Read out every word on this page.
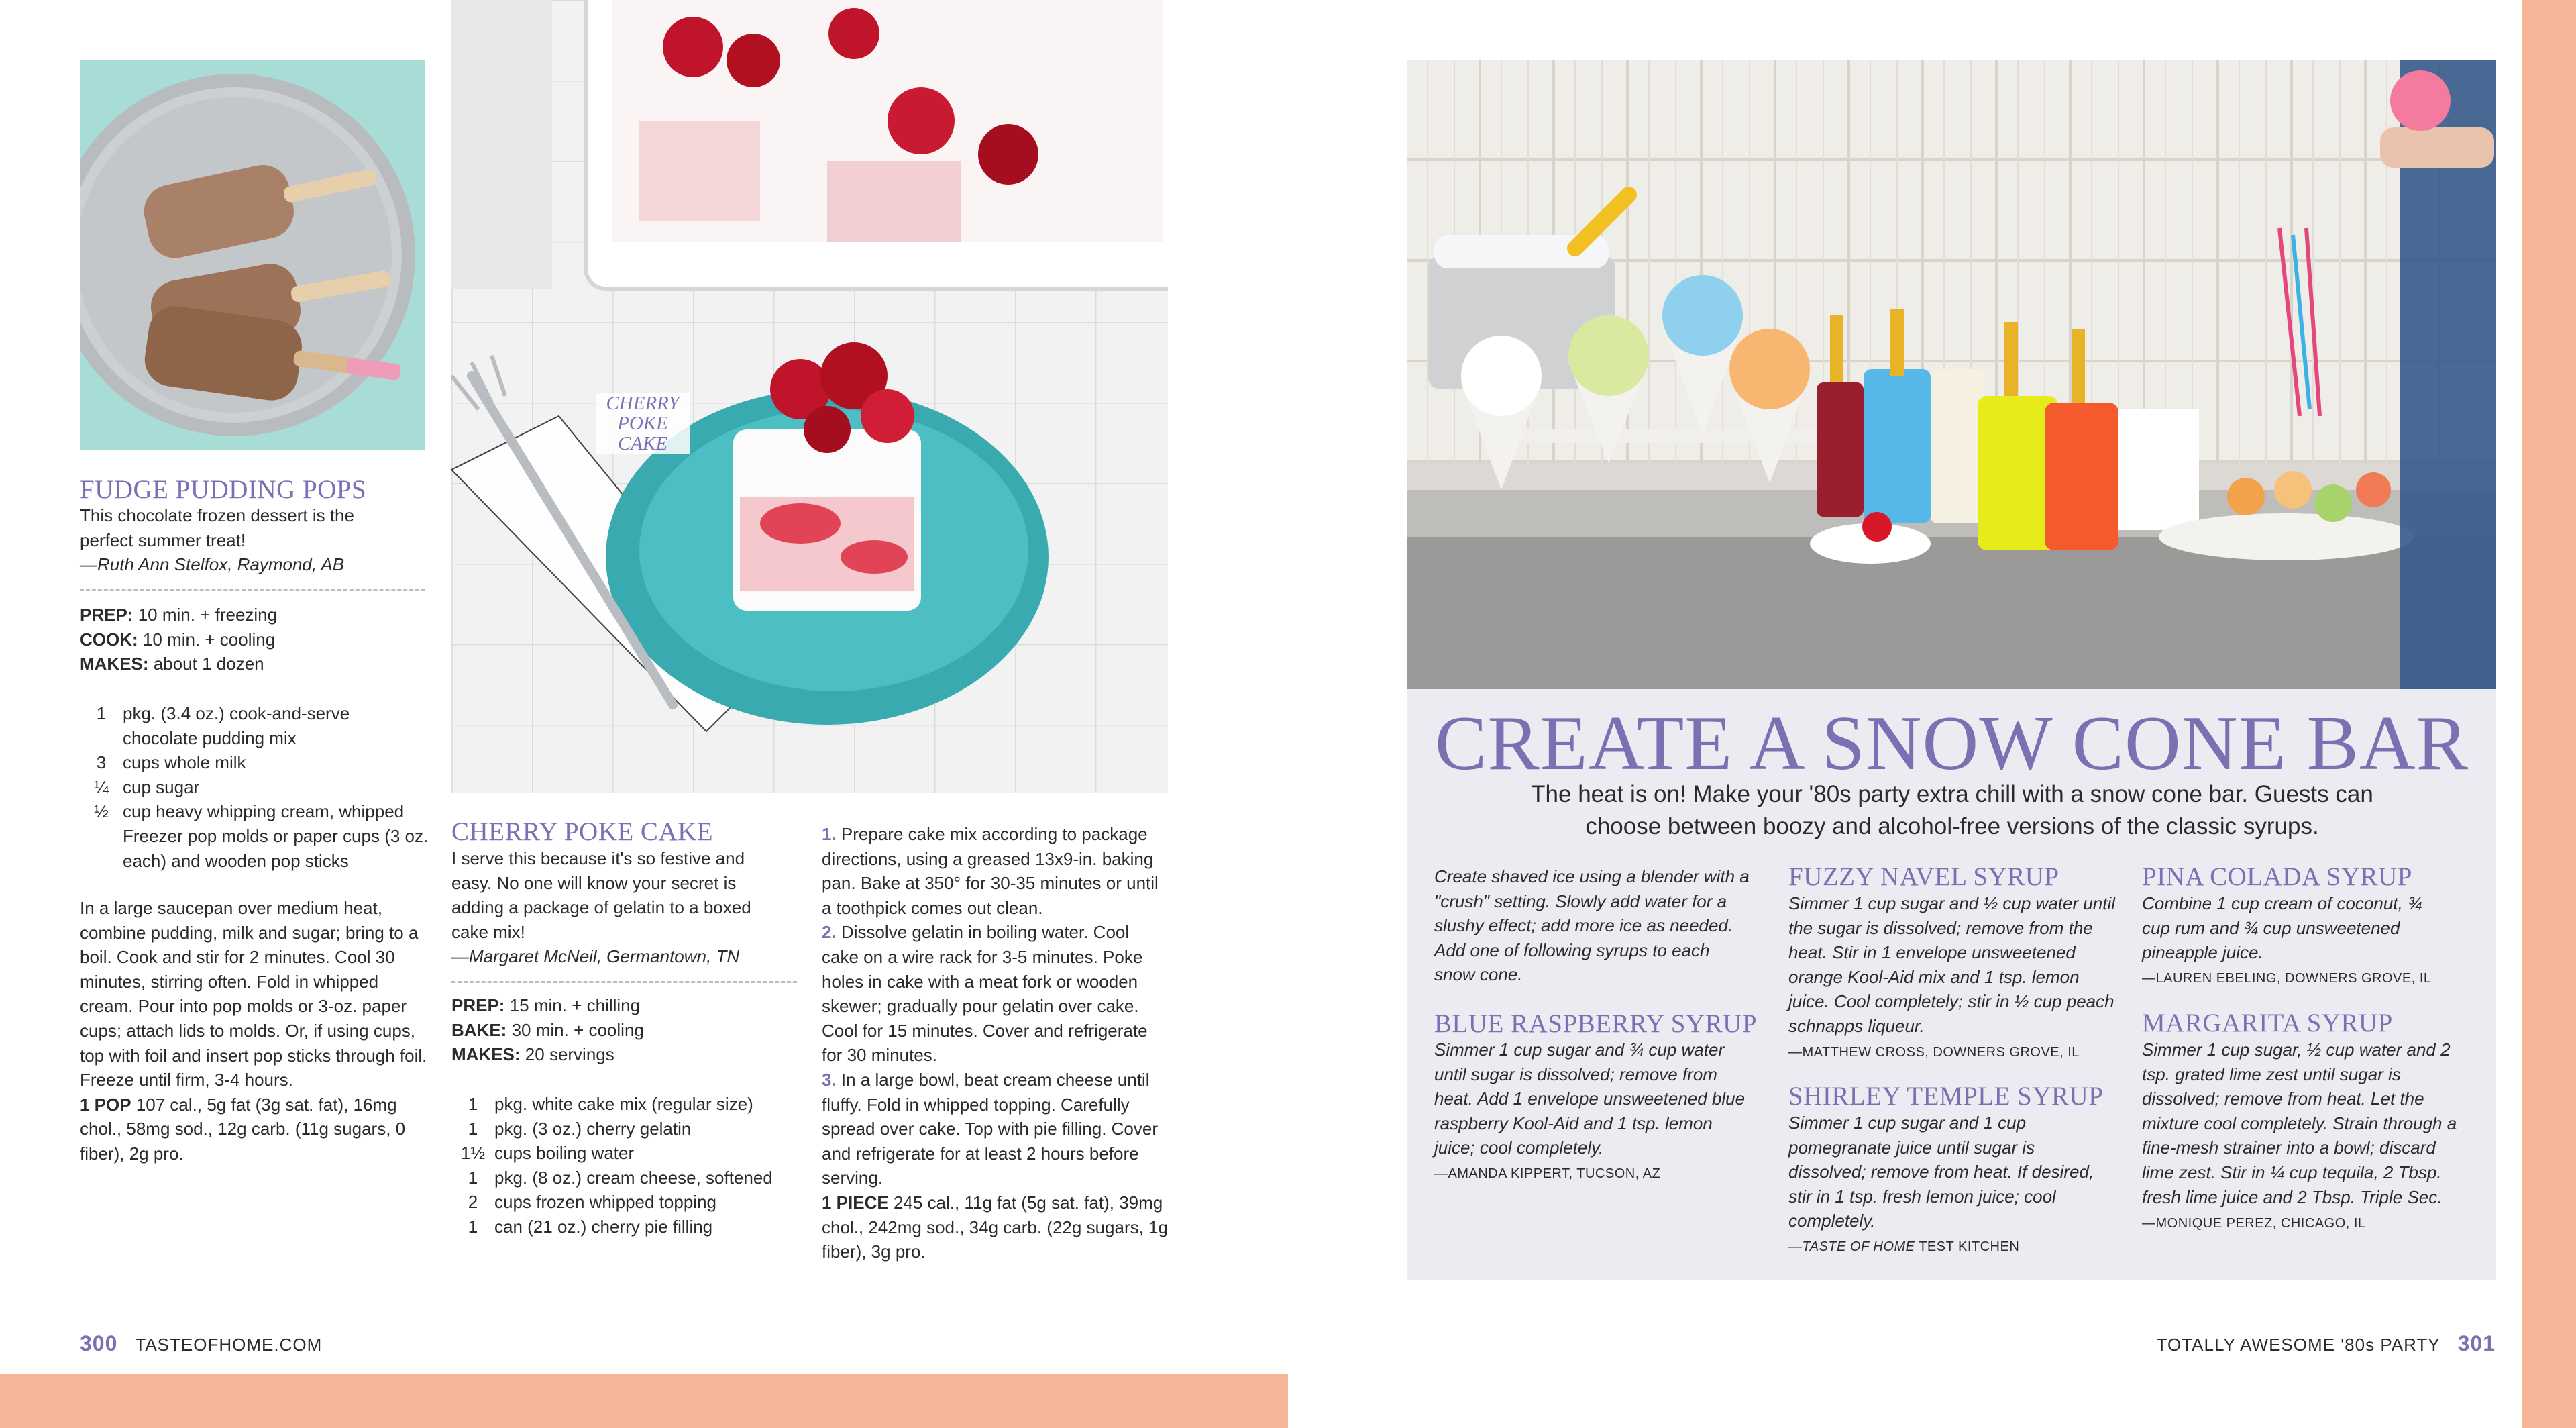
CHERRY POKE CAKE
FUDGE PUDDING POPS
This chocolate frozen dessert is the perfect summer treat!
—Ruth Ann Stelfox, Raymond, AB
PREP: 10 min. + freezing
COOK: 10 min. + cooling
MAKES: about 1 dozen
1 pkg. (3.4 oz.) cook-and-serve chocolate pudding mix
3 cups whole milk
¼ cup sugar
½ cup heavy whipping cream, whipped
Freezer pop molds or paper cups (3 oz. each) and wooden pop sticks
In a large saucepan over medium heat, combine pudding, milk and sugar; bring to a boil. Cook and stir for 2 minutes. Cool 30 minutes, stirring often. Fold in whipped cream. Pour into pop molds or 3-oz. paper cups; attach lids to molds. Or, if using cups, top with foil and insert pop sticks through foil. Freeze until firm, 3-4 hours.
1 POP 107 cal., 5g fat (3g sat. fat), 16mg chol., 58mg sod., 12g carb. (11g sugars, 0 fiber), 2g pro.
CHERRY POKE CAKE
I serve this because it's so festive and easy. No one will know your secret is adding a package of gelatin to a boxed cake mix!
—Margaret McNeil, Germantown, TN
PREP: 15 min. + chilling
BAKE: 30 min. + cooling
MAKES: 20 servings
1 pkg. white cake mix (regular size)
1 pkg. (3 oz.) cherry gelatin
1½ cups boiling water
1 pkg. (8 oz.) cream cheese, softened
2 cups frozen whipped topping
1 can (21 oz.) cherry pie filling
1. Prepare cake mix according to package directions, using a greased 13x9-in. baking pan. Bake at 350° for 30-35 minutes or until a toothpick comes out clean.
2. Dissolve gelatin in boiling water. Cool cake on a wire rack for 3-5 minutes. Poke holes in cake with a meat fork or wooden skewer; gradually pour gelatin over cake. Cool for 15 minutes. Cover and refrigerate for 30 minutes.
3. In a large bowl, beat cream cheese until fluffy. Fold in whipped topping. Carefully spread over cake. Top with pie filling. Cover and refrigerate for at least 2 hours before serving.
1 PIECE 245 cal., 11g fat (5g sat. fat), 39mg chol., 242mg sod., 34g carb. (22g sugars, 1g fiber), 3g pro.
300 TASTEOFHOME.COM
CREATE A SNOW CONE BAR
The heat is on! Make your '80s party extra chill with a snow cone bar. Guests can choose between boozy and alcohol-free versions of the classic syrups.
Create shaved ice using a blender with a "crush" setting. Slowly add water for a slushy effect; add more ice as needed. Add one of following syrups to each snow cone.
BLUE RASPBERRY SYRUP
Simmer 1 cup sugar and ¾ cup water until sugar is dissolved; remove from heat. Add 1 envelope unsweetened blue raspberry Kool-Aid and 1 tsp. lemon juice; cool completely.
—AMANDA KIPPERT, TUCSON, AZ
FUZZY NAVEL SYRUP
Simmer 1 cup sugar and ½ cup water until the sugar is dissolved; remove from the heat. Stir in 1 envelope unsweetened orange Kool-Aid mix and 1 tsp. lemon juice. Cool completely; stir in ½ cup peach schnapps liqueur.
—MATTHEW CROSS, DOWNERS GROVE, IL
SHIRLEY TEMPLE SYRUP
Simmer 1 cup sugar and 1 cup pomegranate juice until sugar is dissolved; remove from heat. If desired, stir in 1 tsp. fresh lemon juice; cool completely.
—TASTE OF HOME TEST KITCHEN
PINA COLADA SYRUP
Combine 1 cup cream of coconut, ¾ cup rum and ¾ cup unsweetened pineapple juice.
—LAUREN EBELING, DOWNERS GROVE, IL
MARGARITA SYRUP
Simmer 1 cup sugar, ½ cup water and 2 tsp. grated lime zest until sugar is dissolved; remove from heat. Let the mixture cool completely. Strain through a fine-mesh strainer into a bowl; discard lime zest. Stir in ¼ cup tequila, 2 Tbsp. fresh lime juice and 2 Tbsp. Triple Sec.
—MONIQUE PEREZ, CHICAGO, IL
TOTALLY AWESOME '80s PARTY 301
